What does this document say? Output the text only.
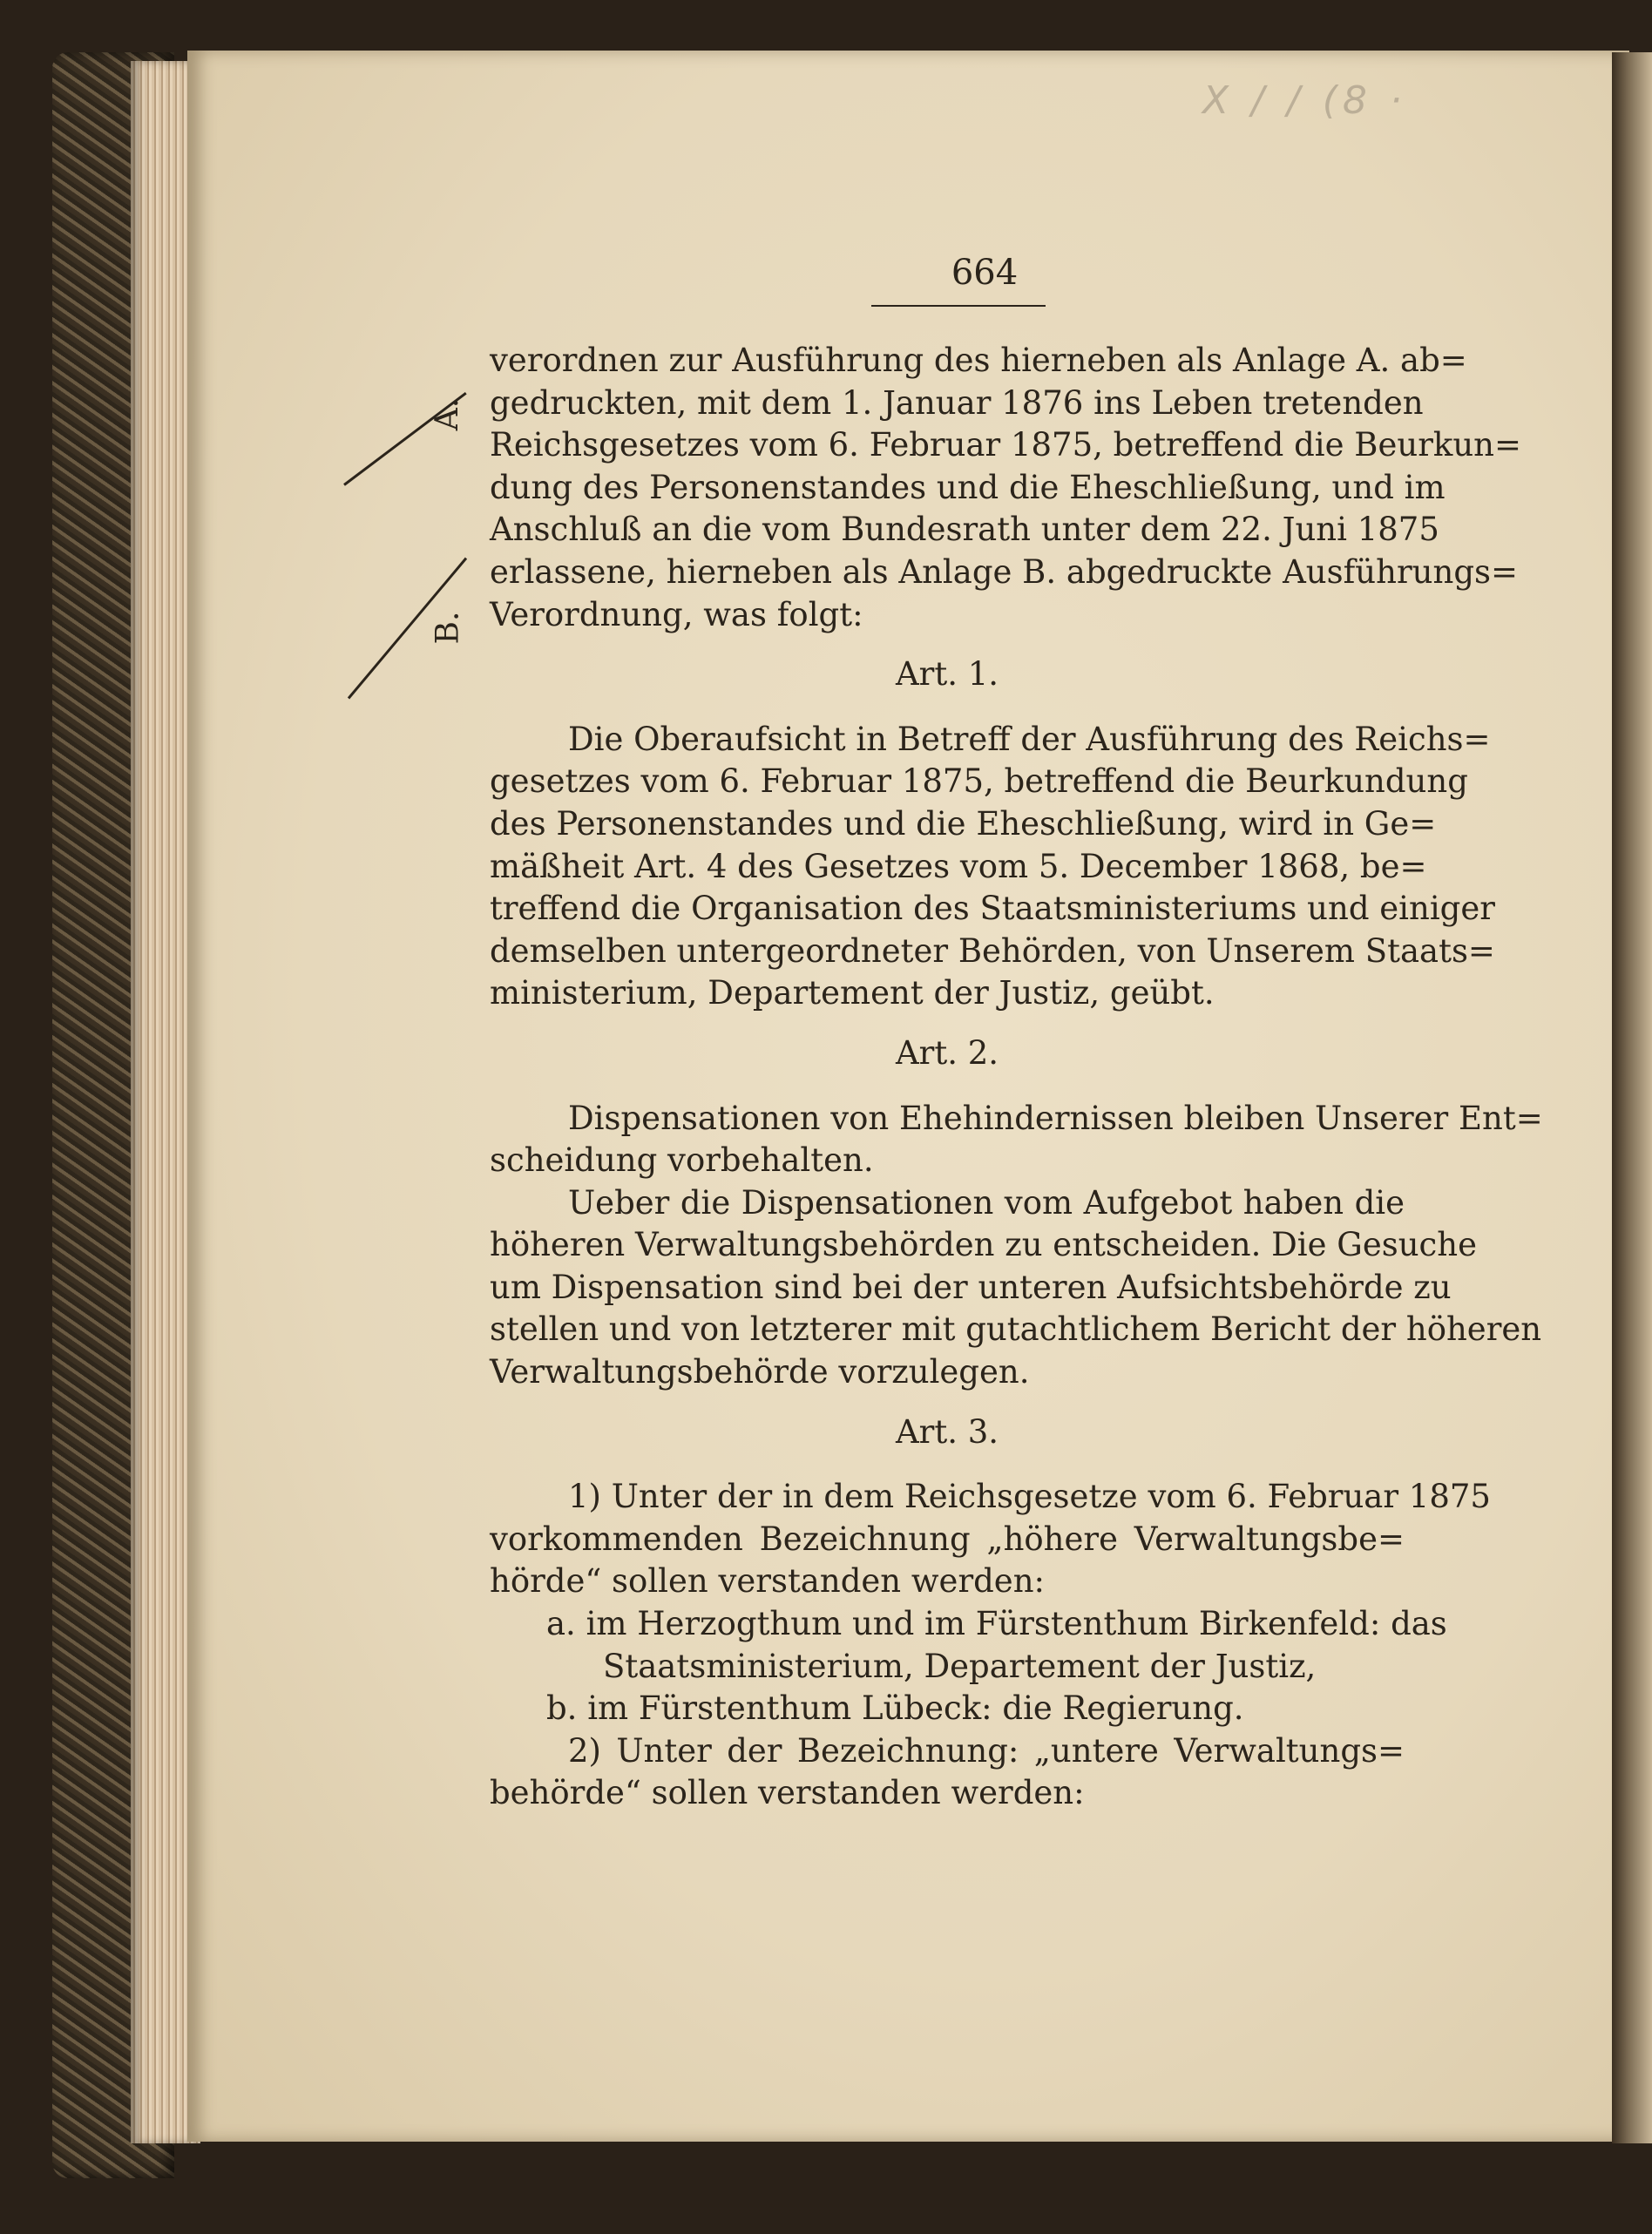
Ⅹ ∕ ∕ (8 ·
664
A.
B.
verordnen zur Ausführung des hierneben als Anlage A. ab=
gedruckten, mit dem 1. Januar 1876 ins Leben tretenden
Reichsgesetzes vom 6. Februar 1875, betreffend die Beurkun=
dung des Personenstandes und die Eheschließung, und im
Anschluß an die vom Bundesrath unter dem 22. Juni 1875
erlassene, hierneben als Anlage B. abgedruckte Ausführungs=
Verordnung, was folgt:
Art. 1.
Die Oberaufsicht in Betreff der Ausführung des Reichs=
gesetzes vom 6. Februar 1875, betreffend die Beurkundung
des Personenstandes und die Eheschließung, wird in Ge=
mäßheit Art. 4 des Gesetzes vom 5. December 1868, be=
treffend die Organisation des Staatsministeriums und einiger
demselben untergeordneter Behörden, von Unserem Staats=
ministerium, Departement der Justiz, geübt.
Art. 2.
Dispensationen von Ehehindernissen bleiben Unserer Ent=
scheidung vorbehalten.
Ueber die Dispensationen vom Aufgebot haben die
höheren Verwaltungsbehörden zu entscheiden. Die Gesuche
um Dispensation sind bei der unteren Aufsichtsbehörde zu
stellen und von letzterer mit gutachtlichem Bericht der höheren
Verwaltungsbehörde vorzulegen.
Art. 3.
1) Unter der in dem Reichsgesetze vom 6. Februar 1875
vorkommenden Bezeichnung „höhere Verwaltungsbe=
hörde“ sollen verstanden werden:
a. im Herzogthum und im Fürstenthum Birkenfeld: das
Staatsministerium, Departement der Justiz,
b. im Fürstenthum Lübeck: die Regierung.
2) Unter der Bezeichnung: „untere Verwaltungs=
behörde“ sollen verstanden werden:
